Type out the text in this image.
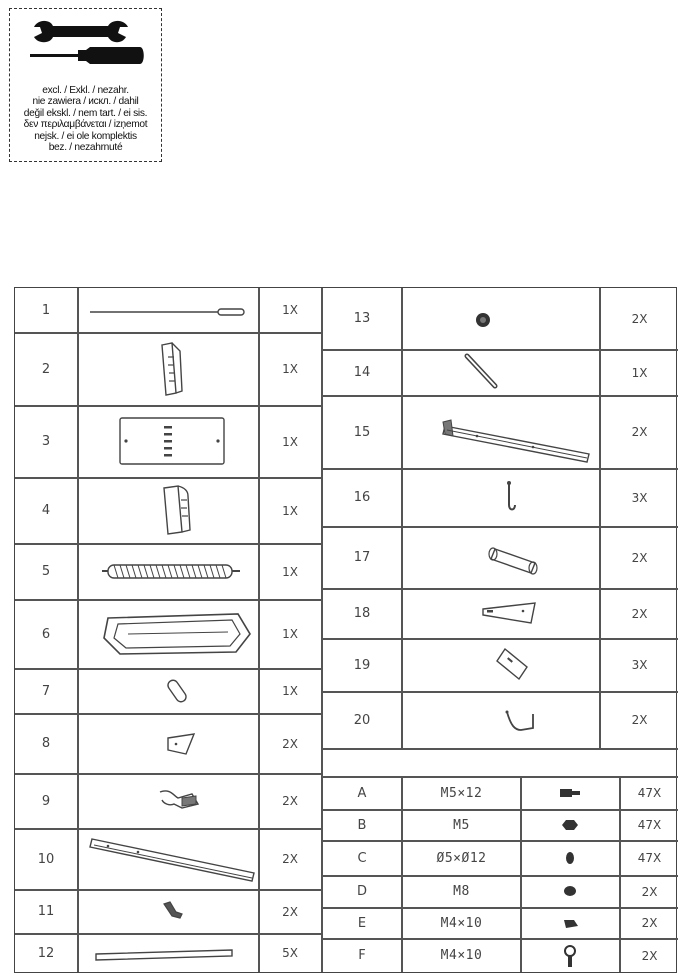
excl. / Exkl. / nezahr.
nie zawiera / искл. / dahil
değil ekskl. / nem tart. / ei sis.
δεν περιλαμβάνεται / izņemot
nejsk. / ei ole komplektis
bez. / nezahrnuté
1	1X
2	1X
3	1X
4	1X
5	1X
6	1X
7	1X
8	2X
9	2X
10	2X
11	2X
12	5X
13	2X
14	1X
15	2X
16	3X
17	2X
18	2X
19	3X
20	2X
A	M5×12	47X
B	M5	47X
C	Ø5×Ø12	47X
D	M8	2X
E	M4×10	2X
F	M4×10	2X
